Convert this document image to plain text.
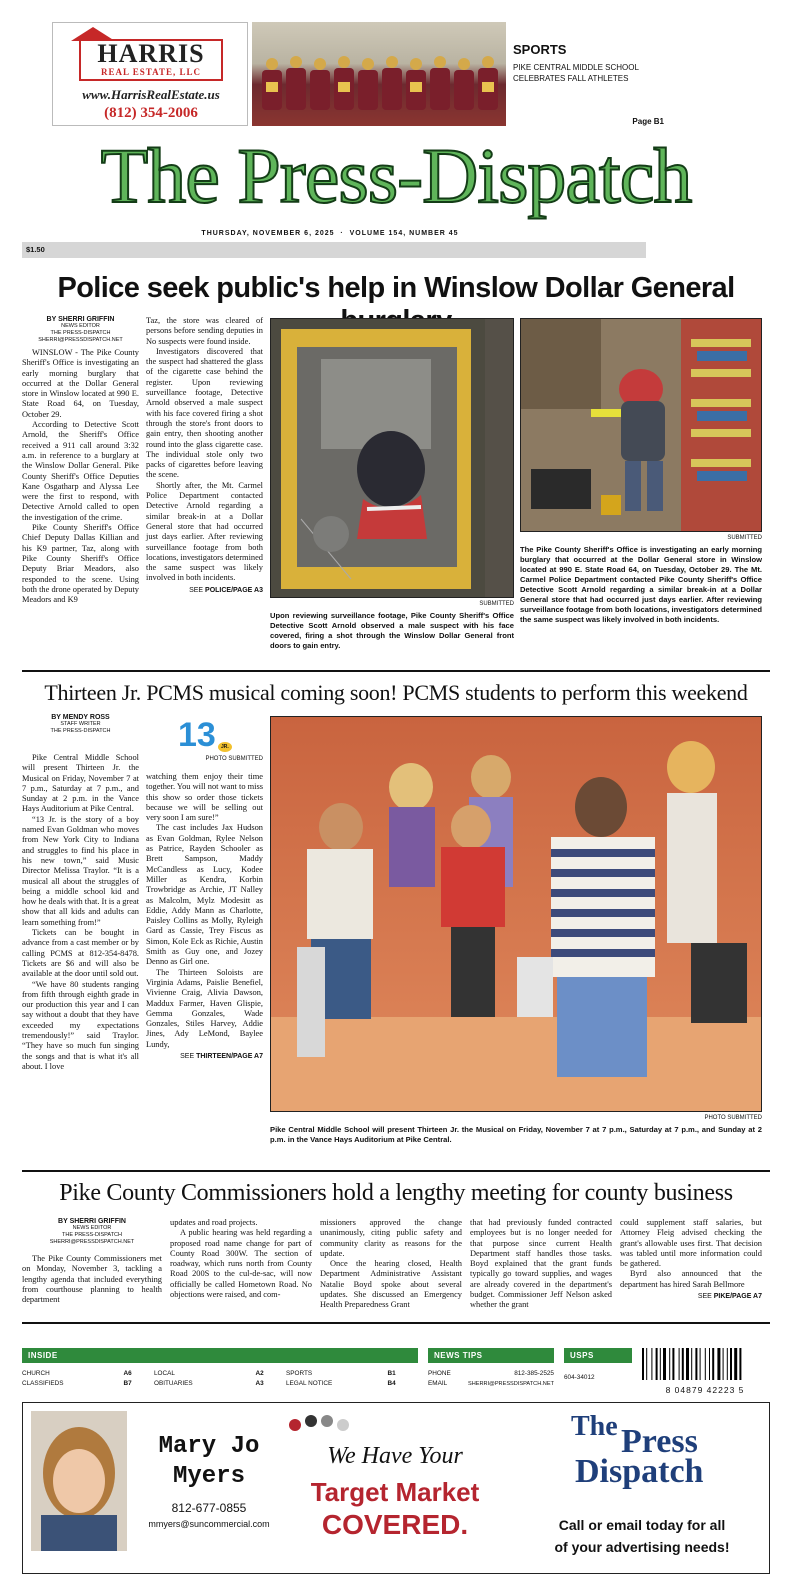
HARRIS
REAL ESTATE, LLC
www.HarrisRealEstate.us
(812) 354-2006
SPORTS
PIKE CENTRAL MIDDLE SCHOOL
CELEBRATES FALL ATHLETES
Page B1
The Press-Dispatch
THURSDAY, NOVEMBER 6, 2025  ·  VOLUME 154, NUMBER 45
$1.50
Police seek public's help in Winslow Dollar General
BY SHERRI GRIFFIN
NEWS EDITOR
THE PRESS-DISPATCH
SHERRI@PRESSDISPATCH.NET

WINSLOW - The Pike County Sheriff's Office is investigating an early morning burglary that occurred at the Dollar General store in Winslow located at 990 E. State Road 64, on Tuesday, October 29.

According to Detective Scott Arnold, the Sheriff's Office received a 911 call around 3:32 a.m. in reference to a burglary at the Winslow Dollar General. Pike County Sheriff's Office Deputies Kane Osgatharp and Alyssa Lee were the first to respond, with Detective Arnold called to open the investigation of the crime.

Pike County Sheriff's Office Chief Deputy Dallas Killian and his K9 partner, Taz, along with Pike County Sheriff's Office Deputy Briar Meadors, also responded to the scene. Using both the drone operated by Deputy Meadors and K9

Taz, the store was cleared of persons before sending deputies in No suspects were found inside.

Investigators discovered that the suspect had shattered the glass of the cigarette case behind the register. Upon reviewing surveillance footage, Detective Arnold observed a male suspect with his face covered firing a shot through the store's front doors to gain entry, then shooting another round into the glass cigarette case. The individual stole only two packs of cigarettes before leaving the scene.

Shortly after, the Mt. Carmel Police Department contacted Detective Arnold regarding a similar break-in at a Dollar General store that had occurred just days earlier. After reviewing surveillance footage from both locations, investigators determined the same suspect was likely involved in both incidents.

SEE POLICE/PAGE A3
SUBMITTED
Upon reviewing surveillance footage, Pike County Sheriff's Office Detective Scott Arnold observed a male suspect with his face covered, firing a shot through the Winslow Dollar General front doors to gain entry.
SUBMITTED
The Pike County Sheriff's Office is investigating an early morning burglary that occurred at the Dollar General store in Winslow located at 990 E. State Road 64, on Tuesday, October 29. The Mt. Carmel Police Department contacted Pike County Sheriff's Office Detective Scott Arnold regarding a similar break-in at a Dollar General store that had occurred just days earlier. After reviewing surveillance footage from both locations, investigators determined the same suspect was likely involved in both incidents.
Thirteen Jr. PCMS musical coming soon! PCMS students to perform this weekend
BY MENDY ROSS
STAFF WRITER
THE PRESS-DISPATCH

Pike Central Middle School will present Thirteen Jr. the Musical on Friday, November 7 at 7 p.m., Saturday at 7 p.m., and Sunday at 2 p.m. in the Vance Hays Auditorium at Pike Central.

“13 Jr. is the story of a boy named Evan Goldman who moves from New York City to Indiana and struggles to find his place in his new town,” said Music Director Melissa Traylor. “It is a musical all about the struggles of being a middle school kid and how he deals with that. It is a great show that all kids and adults can learn something from!”

Tickets can be bought in advance from a cast member or by calling PCMS at 812-354-8478. Tickets are $6 and will also be available at the door until sold out.

“We have 80 students ranging from fifth through eighth grade in our production this year and I can say without a doubt that they have exceeded my expectations tremendously!” said Traylor. “They have so much fun singing the songs and that is what it's all about. I love

13	JR.
PHOTO SUBMITTED

watching them enjoy their time together. You will not want to miss this show so order those tickets because we will be selling out very soon I am sure!”

The cast includes Jax Hudson as Evan Goldman, Rylee Nelson as Patrice, Rayden Schooler as Brett Sampson, Maddy McCandless as Lucy, Kodee Miller as Kendra, Korbin Trowbridge as Archie, JT Nalley as Malcolm, Mylz Modesitt as Eddie, Addy Mann as Charlotte, Paisley Collins as Molly, Ryleigh Gard as Cassie, Trey Fiscus as Simon, Kole Eck as Richie, Austin Smith as Guy one, and Jozey Denno as Girl one.

The Thirteen Soloists are Virginia Adams, Paislie Benefiel, Vivienne Craig, Alivia Dawson, Maddux Farmer, Haven Glispie, Gemma Gonzales, Wade Gonzales, Stiles Harvey, Addie Jines, Ady LeMond, Baylee Lundy,

SEE THIRTEEN/PAGE A7
PHOTO SUBMITTED
Pike Central Middle School will present Thirteen Jr. the Musical on Friday, November 7 at 7 p.m., Saturday at 7 p.m., and Sunday at 2 p.m. in the Vance Hays Auditorium at Pike Central.
Pike County Commissioners hold a lengthy meeting for county business
BY SHERRI GRIFFIN
NEWS EDITOR
THE PRESS-DISPATCH
SHERRI@PRESSDISPATCH.NET

The Pike County Commissioners met on Monday, November 3, tackling a lengthy agenda that included everything from courthouse planning to health department

updates and road projects.

A public hearing was held regarding a proposed road name change for part of County Road 300W. The section of roadway, which runs north from County Road 200S to the cul-de-sac, will now officially be called Hometown Road. No objections were raised, and com-

missioners approved the change unanimously, citing public safety and community clarity as reasons for the update.

Once the hearing closed, Health Department Administrative Assistant Natalie Boyd spoke about several updates. She discussed an Emergency Health Preparedness Grant

that had previously funded contracted employees but is no longer needed for that purpose since current Health Department staff handles those tasks. Boyd explained that the grant funds typically go toward supplies, and wages are already covered in the department's budget. Commissioner Jeff Nelson asked whether the grant

could supplement staff salaries, but Attorney Fleig advised checking the grant's allowable uses first. That decision was tabled until more information could be gathered.

Byrd also announced that the department has hired Sarah Bellmore

SEE PIKE/PAGE A7
INSIDE
CHURCH	A6	LOCAL	A2	SPORTS	B1
CLASSIFIEDS	B7	OBITUARIES	A3	LEGAL NOTICE	B4
NEWS TIPS
PHONE	812-385-2525
EMAIL	SHERRI@PRESSDISPATCH.NET
USPS
604-34012
8 04879 42223 5
Mary Jo
Myers
812-677-0855
mmyers@suncommercial.com
We Have Your
Target Market
COVERED.
The Press
Dispatch
Call or email today for all
of your advertising needs!
